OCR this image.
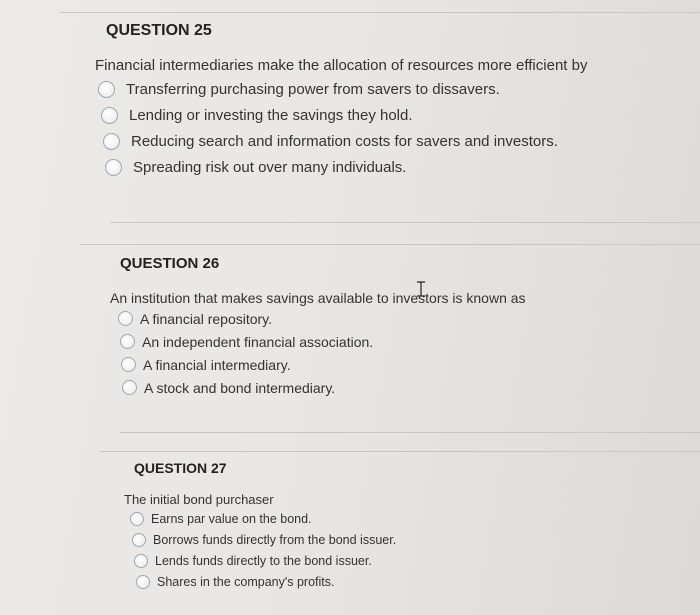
QUESTION 25

Financial intermediaries make the allocation of resources more efficient by

Transferring purchasing power from savers to dissavers.
Lending or investing the savings they hold.
Reducing search and information costs for savers and investors.
Spreading risk out over many individuals.
QUESTION 26

An institution that makes savings available to investors is known as

A financial repository.
An independent financial association.
A financial intermediary.
A stock and bond intermediary.
QUESTION 27

The initial bond purchaser

Earns par value on the bond.
Borrows funds directly from the bond issuer.
Lends funds directly to the bond issuer.
Shares in the company's profits.
